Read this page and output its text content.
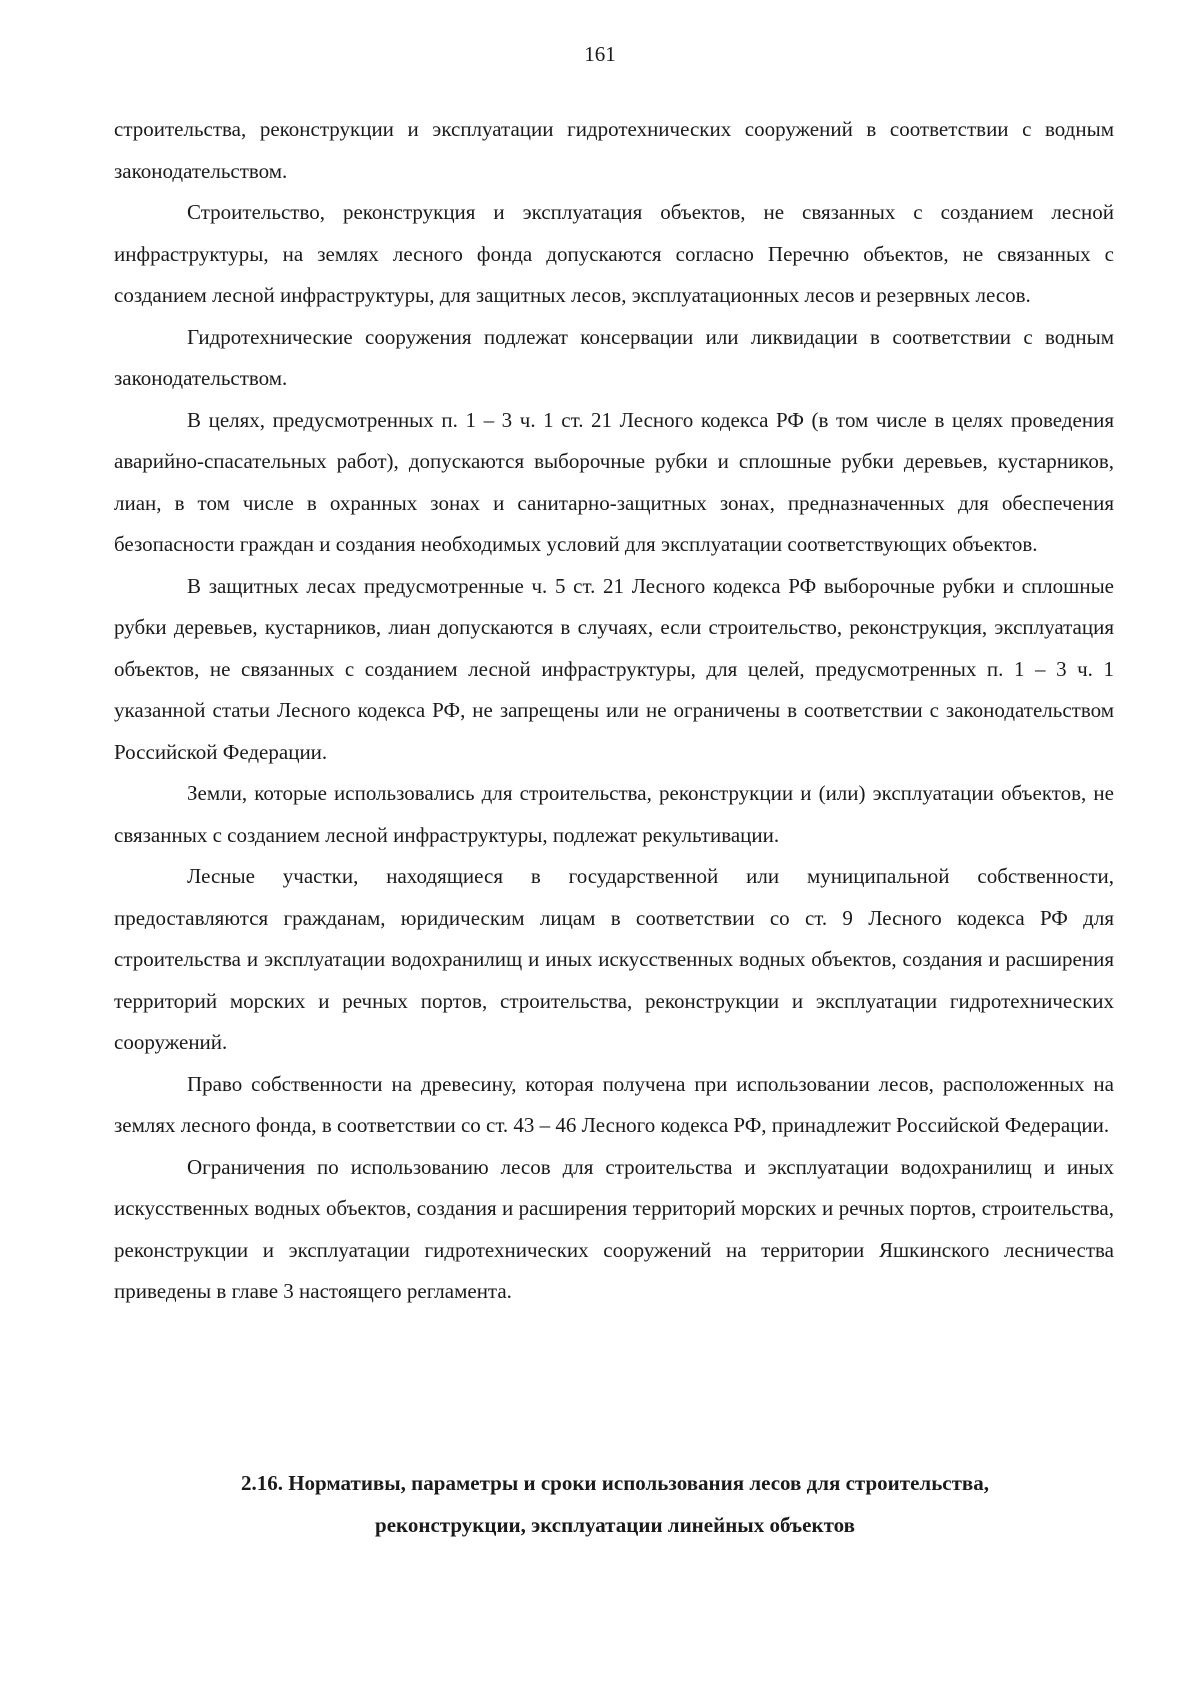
161

строительства, реконструкции и эксплуатации гидротехнических сооружений в соответствии с водным законодательством.

Строительство, реконструкция и эксплуатация объектов, не связанных с созданием лесной инфраструктуры, на землях лесного фонда допускаются согласно Перечню объектов, не связанных с созданием лесной инфраструктуры, для защитных лесов, эксплуатационных лесов и резервных лесов.

Гидротехнические сооружения подлежат консервации или ликвидации в соответствии с водным законодательством.

В целях, предусмотренных п. 1 – 3 ч. 1 ст. 21 Лесного кодекса РФ (в том числе в целях проведения аварийно-спасательных работ), допускаются выборочные рубки и сплошные рубки деревьев, кустарников, лиан, в том числе в охранных зонах и санитарно-защитных зонах, предназначенных для обеспечения безопасности граждан и создания необходимых условий для эксплуатации соответствующих объектов.

В защитных лесах предусмотренные ч. 5 ст. 21 Лесного кодекса РФ выборочные рубки и сплошные рубки деревьев, кустарников, лиан допускаются в случаях, если строительство, реконструкция, эксплуатация объектов, не связанных с созданием лесной инфраструктуры, для целей, предусмотренных п. 1 – 3 ч. 1 указанной статьи Лесного кодекса РФ, не запрещены или не ограничены в соответствии с законодательством Российской Федерации.

Земли, которые использовались для строительства, реконструкции и (или) эксплуатации объектов, не связанных с созданием лесной инфраструктуры, подлежат рекультивации.

Лесные участки, находящиеся в государственной или муниципальной собственности, предоставляются гражданам, юридическим лицам в соответствии со ст. 9 Лесного кодекса РФ для строительства и эксплуатации водохранилищ и иных искусственных водных объектов, создания и расширения территорий морских и речных портов, строительства, реконструкции и эксплуатации гидротехнических сооружений.

Право собственности на древесину, которая получена при использовании лесов, расположенных на землях лесного фонда, в соответствии со ст. 43 – 46 Лесного кодекса РФ, принадлежит Российской Федерации.

Ограничения по использованию лесов для строительства и эксплуатации водохранилищ и иных искусственных водных объектов, создания и расширения территорий морских и речных портов, строительства, реконструкции и эксплуатации гидротехнических сооружений на территории Яшкинского лесничества приведены в главе 3 настоящего регламента.

2.16. Нормативы, параметры и сроки использования лесов для строительства,
реконструкции, эксплуатации линейных объектов
